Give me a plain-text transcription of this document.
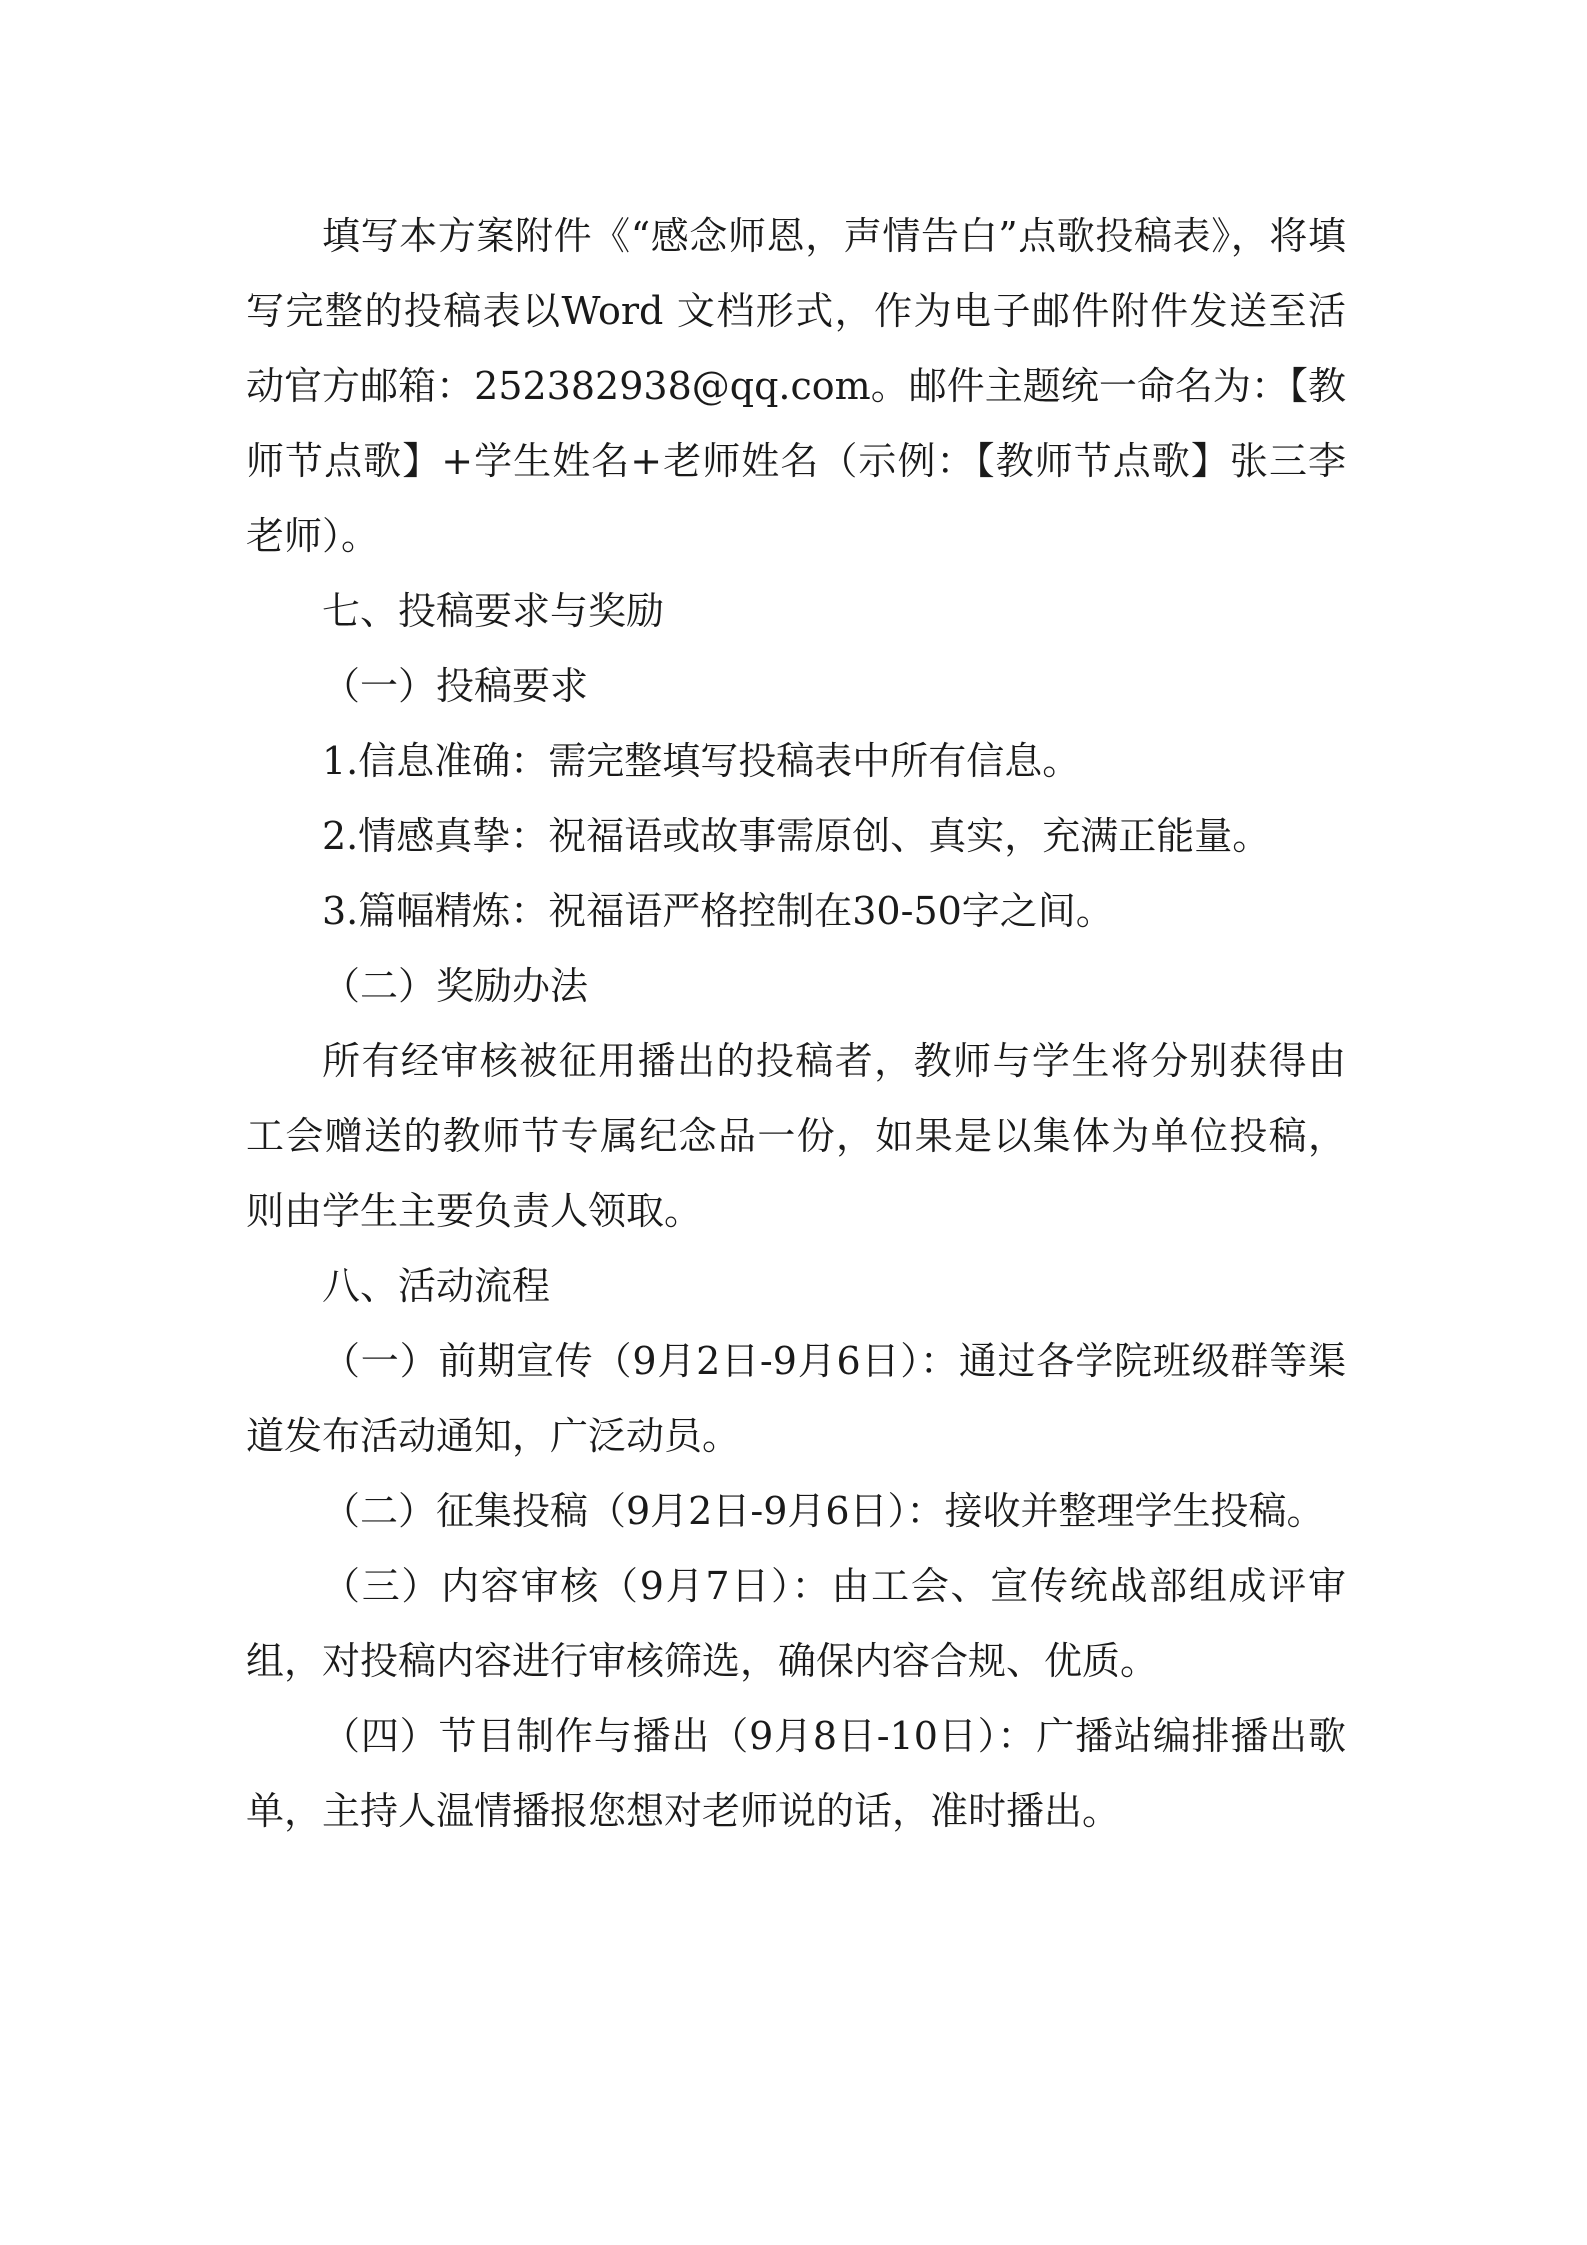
填写本方案附件《“感念师恩，声情告白”点歌投稿表》，将填写完整的投稿表以Word 文档形式，作为电子邮件附件发送至活动官方邮箱：252382938@qq.com。邮件主题统一命名为：【教师节点歌】+学生姓名+老师姓名（示例：【教师节点歌】张三李老师）。

七、投稿要求与奖励

（一）投稿要求

1.信息准确：需完整填写投稿表中所有信息。

2.情感真挚：祝福语或故事需原创、真实，充满正能量。

3.篇幅精炼：祝福语严格控制在30-50字之间。

（二）奖励办法

所有经审核被征用播出的投稿者，教师与学生将分别获得由工会赠送的教师节专属纪念品一份，如果是以集体为单位投稿，则由学生主要负责人领取。

八、活动流程

（一）前期宣传（9月2日-9月6日）：通过各学院班级群等渠道发布活动通知，广泛动员。

（二）征集投稿（9月2日-9月6日）：接收并整理学生投稿。

（三）内容审核（9月7日）：由工会、宣传统战部组成评审组，对投稿内容进行审核筛选，确保内容合规、优质。

（四）节目制作与播出（9月8日-10日）：广播站编排播出歌单，主持人温情播报您想对老师说的话，准时播出。
